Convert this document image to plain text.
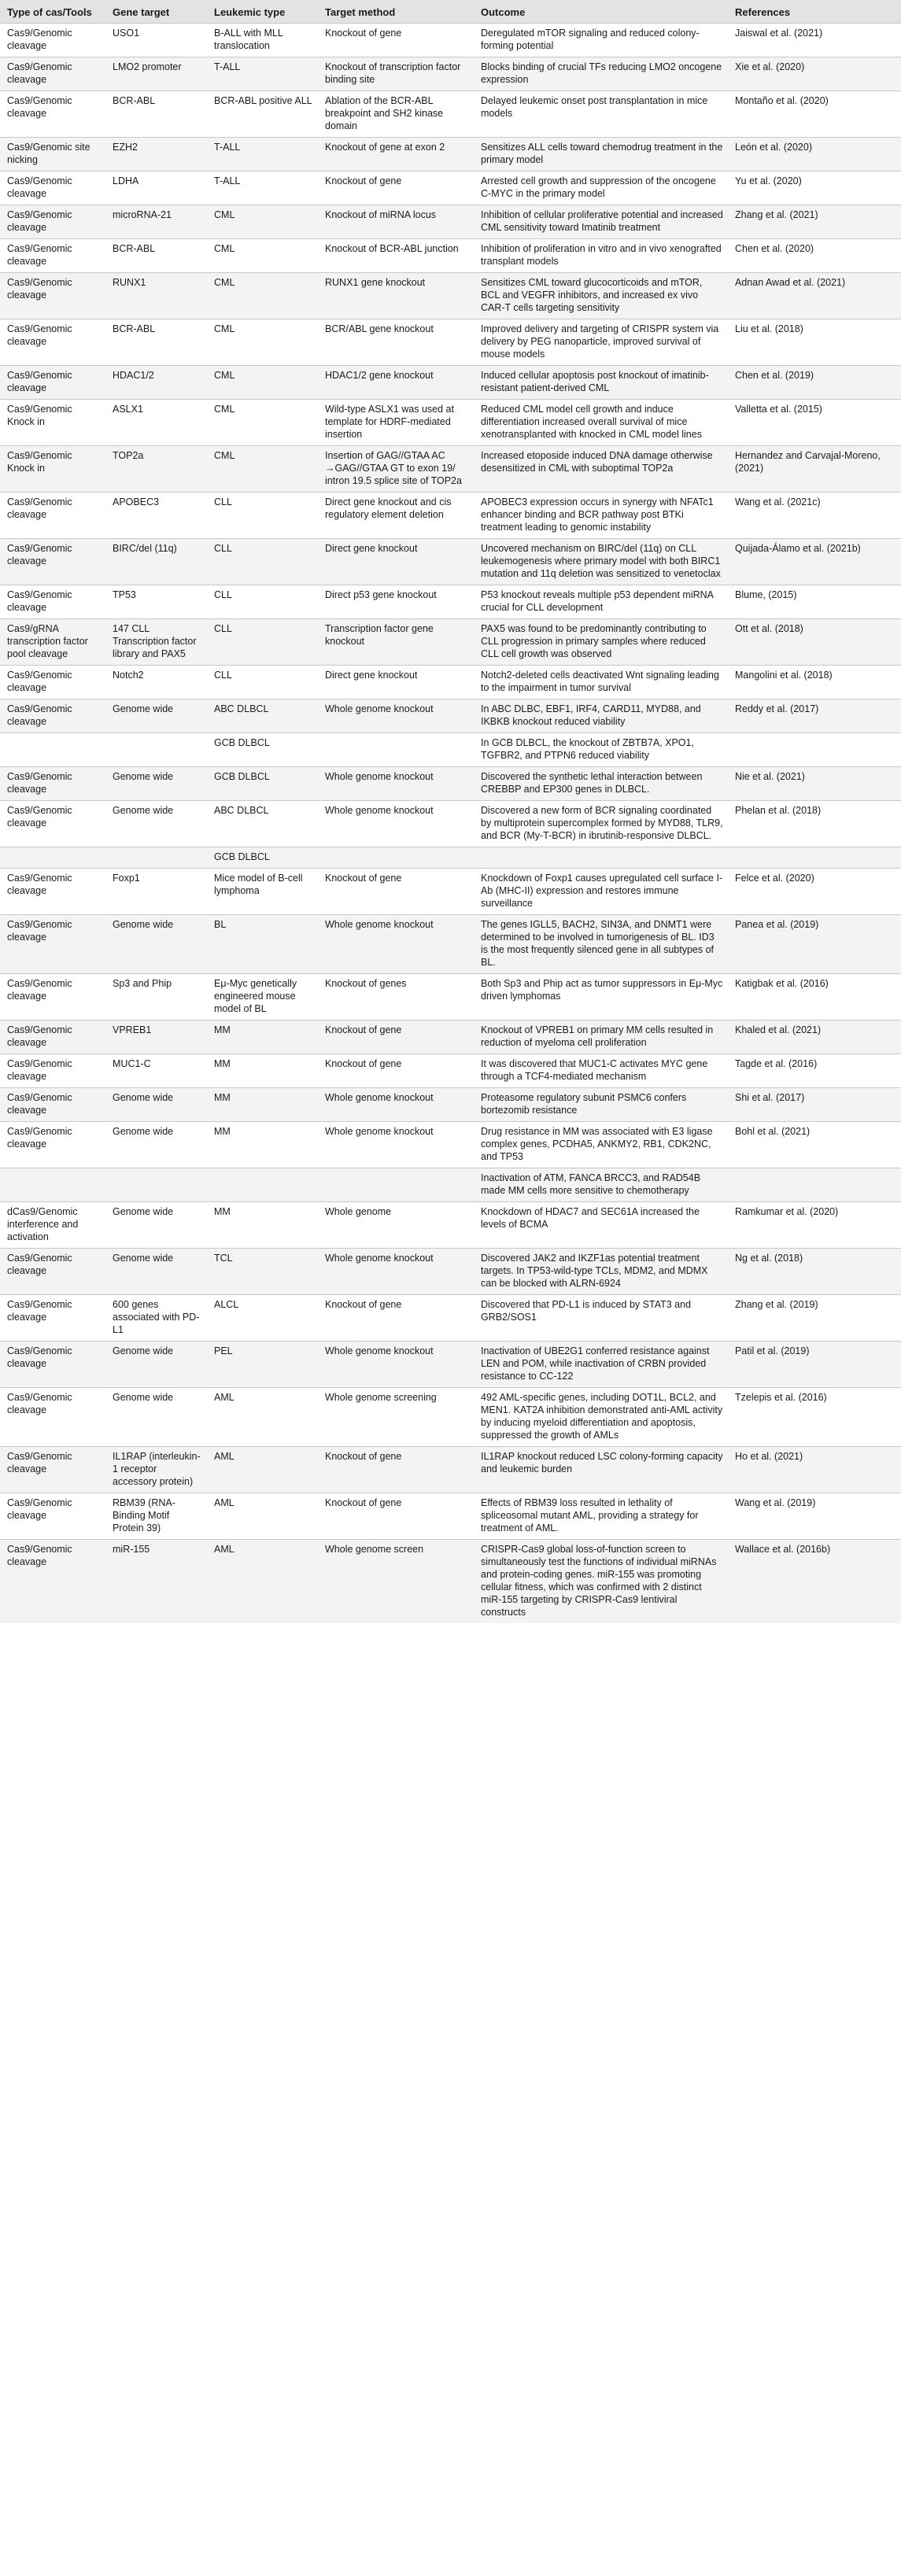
Type of cas/Tools	Gene target	Leukemic type	Target method	Outcome	References
Cas9/Genomic cleavage	USO1	B-ALL with MLL translocation	Knockout of gene	Deregulated mTOR signaling and reduced colony-forming potential	Jaiswal et al. (2021)
Cas9/Genomic cleavage	LMO2 promoter	T-ALL	Knockout of transcription factor binding site	Blocks binding of crucial TFs reducing LMO2 oncogene expression	Xie et al. (2020)
Cas9/Genomic cleavage	BCR-ABL	BCR-ABL positive ALL	Ablation of the BCR-ABL breakpoint and SH2 kinase domain	Delayed leukemic onset post transplantation in mice models	Montaño et al. (2020)
Cas9/Genomic site nicking	EZH2	T-ALL	Knockout of gene at exon 2	Sensitizes ALL cells toward chemodrug treatment in the primary model	León et al. (2020)
Cas9/Genomic cleavage	LDHA	T-ALL	Knockout of gene	Arrested cell growth and suppression of the oncogene C-MYC in the primary model	Yu et al. (2020)
Cas9/Genomic cleavage	microRNA-21	CML	Knockout of miRNA locus	Inhibition of cellular proliferative potential and increased CML sensitivity toward Imatinib treatment	Zhang et al. (2021)
Cas9/Genomic cleavage	BCR-ABL	CML	Knockout of BCR-ABL junction	Inhibition of proliferation in vitro and in vivo xenografted transplant models	Chen et al. (2020)
Cas9/Genomic cleavage	RUNX1	CML	RUNX1 gene knockout	Sensitizes CML toward glucocorticoids and mTOR, BCL and VEGFR inhibitors, and increased ex vivo CAR-T cells targeting sensitivity	Adnan Awad et al. (2021)
Cas9/Genomic cleavage	BCR-ABL	CML	BCR/ABL gene knockout	Improved delivery and targeting of CRISPR system via delivery by PEG nanoparticle, improved survival of mouse models	Liu et al. (2018)
Cas9/Genomic cleavage	HDAC1/2	CML	HDAC1/2 gene knockout	Induced cellular apoptosis post knockout of imatinib-resistant patient-derived CML	Chen et al. (2019)
Cas9/Genomic Knock in	ASLX1	CML	Wild-type ASLX1 was used at template for HDRF-mediated insertion	Reduced CML model cell growth and induce differentiation increased overall survival of mice xenotransplanted with knocked in CML model lines	Valletta et al. (2015)
Cas9/Genomic Knock in	TOP2a	CML	Insertion of GAG//GTAA AC →GAG//GTAA GT to exon 19/ intron 19.5 splice site of TOP2a	Increased etoposide induced DNA damage otherwise desensitized in CML with suboptimal TOP2a	Hernandez and Carvajal-Moreno, (2021)
Cas9/Genomic cleavage	APOBEC3	CLL	Direct gene knockout and cis regulatory element deletion	APOBEC3 expression occurs in synergy with NFATc1 enhancer binding and BCR pathway post BTKi treatment leading to genomic instability	Wang et al. (2021c)
Cas9/Genomic cleavage	BIRC/del (11q)	CLL	Direct gene knockout	Uncovered mechanism on BIRC/del (11q) on CLL leukemogenesis where primary model with both BIRC1 mutation and 11q deletion was sensitized to venetoclax	Quijada-Álamo et al. (2021b)
Cas9/Genomic cleavage	TP53	CLL	Direct p53 gene knockout	P53 knockout reveals multiple p53 dependent miRNA crucial for CLL development	Blume, (2015)
Cas9/gRNA transcription factor pool cleavage	147 CLL Transcription factor library and PAX5	CLL	Transcription factor gene knockout	PAX5 was found to be predominantly contributing to CLL progression in primary samples where reduced CLL cell growth was observed	Ott et al. (2018)
Cas9/Genomic cleavage	Notch2	CLL	Direct gene knockout	Notch2-deleted cells deactivated Wnt signaling leading to the impairment in tumor survival	Mangolini et al. (2018)
Cas9/Genomic cleavage	Genome wide	ABC DLBCL	Whole genome knockout	In ABC DLBC, EBF1, IRF4, CARD11, MYD88, and IKBKB knockout reduced viability	Reddy et al. (2017)
		GCB DLBCL		In GCB DLBCL, the knockout of ZBTB7A, XPO1, TGFBR2, and PTPN6 reduced viability	
Cas9/Genomic cleavage	Genome wide	GCB DLBCL	Whole genome knockout	Discovered the synthetic lethal interaction between CREBBP and EP300 genes in DLBCL.	Nie et al. (2021)
Cas9/Genomic cleavage	Genome wide	ABC DLBCL	Whole genome knockout	Discovered a new form of BCR signaling coordinated by multiprotein supercomplex formed by MYD88, TLR9, and BCR (My-T-BCR) in ibrutinib-responsive DLBCL.	Phelan et al. (2018)
		GCB DLBCL			
Cas9/Genomic cleavage	Foxp1	Mice model of B-cell lymphoma	Knockout of gene	Knockdown of Foxp1 causes upregulated cell surface I-Ab (MHC-II) expression and restores immune surveillance	Felce et al. (2020)
Cas9/Genomic cleavage	Genome wide	BL	Whole genome knockout	The genes IGLL5, BACH2, SIN3A, and DNMT1 were determined to be involved in tumorigenesis of BL. ID3 is the most frequently silenced gene in all subtypes of BL.	Panea et al. (2019)
Cas9/Genomic cleavage	Sp3 and Phip	Eμ-Myc genetically engineered mouse model of BL	Knockout of genes	Both Sp3 and Phip act as tumor suppressors in Eμ-Myc driven lymphomas	Katigbak et al. (2016)
Cas9/Genomic cleavage	VPREB1	MM	Knockout of gene	Knockout of VPREB1 on primary MM cells resulted in reduction of myeloma cell proliferation	Khaled et al. (2021)
Cas9/Genomic cleavage	MUC1-C	MM	Knockout of gene	It was discovered that MUC1-C activates MYC gene through a TCF4-mediated mechanism	Tagde et al. (2016)
Cas9/Genomic cleavage	Genome wide	MM	Whole genome knockout	Proteasome regulatory subunit PSMC6 confers bortezomib resistance	Shi et al. (2017)
Cas9/Genomic cleavage	Genome wide	MM	Whole genome knockout	Drug resistance in MM was associated with E3 ligase complex genes, PCDHA5, ANKMY2, RB1, CDK2NC, and TP53	Bohl et al. (2021)
				Inactivation of ATM, FANCA BRCC3, and RAD54B made MM cells more sensitive to chemotherapy	
dCas9/Genomic interference and activation	Genome wide	MM	Whole genome	Knockdown of HDAC7 and SEC61A increased the levels of BCMA	Ramkumar et al. (2020)
Cas9/Genomic cleavage	Genome wide	TCL	Whole genome knockout	Discovered JAK2 and IKZF1as potential treatment targets. In TP53-wild-type TCLs, MDM2, and MDMX can be blocked with ALRN-6924	Ng et al. (2018)
Cas9/Genomic cleavage	600 genes associated with PD-L1	ALCL	Knockout of gene	Discovered that PD-L1 is induced by STAT3 and GRB2/SOS1	Zhang et al. (2019)
Cas9/Genomic cleavage	Genome wide	PEL	Whole genome knockout	Inactivation of UBE2G1 conferred resistance against LEN and POM, while inactivation of CRBN provided resistance to CC-122	Patil et al. (2019)
Cas9/Genomic cleavage	Genome wide	AML	Whole genome screening	492 AML-specific genes, including DOT1L, BCL2, and MEN1. KAT2A inhibition demonstrated anti-AML activity by inducing myeloid differentiation and apoptosis, suppressed the growth of AMLs	Tzelepis et al. (2016)
Cas9/Genomic cleavage	IL1RAP (interleukin-1 receptor accessory protein)	AML	Knockout of gene	IL1RAP knockout reduced LSC colony-forming capacity and leukemic burden	Ho et al. (2021)
Cas9/Genomic cleavage	RBM39 (RNA-Binding Motif Protein 39)	AML	Knockout of gene	Effects of RBM39 loss resulted in lethality of spliceosomal mutant AML, providing a strategy for treatment of AML.	Wang et al. (2019)
Cas9/Genomic cleavage	miR-155	AML	Whole genome screen	CRISPR-Cas9 global loss-of-function screen to simultaneously test the functions of individual miRNAs and protein-coding genes. miR-155 was promoting cellular fitness, which was confirmed with 2 distinct miR-155 targeting by CRISPR-Cas9 lentiviral constructs	Wallace et al. (2016b)
